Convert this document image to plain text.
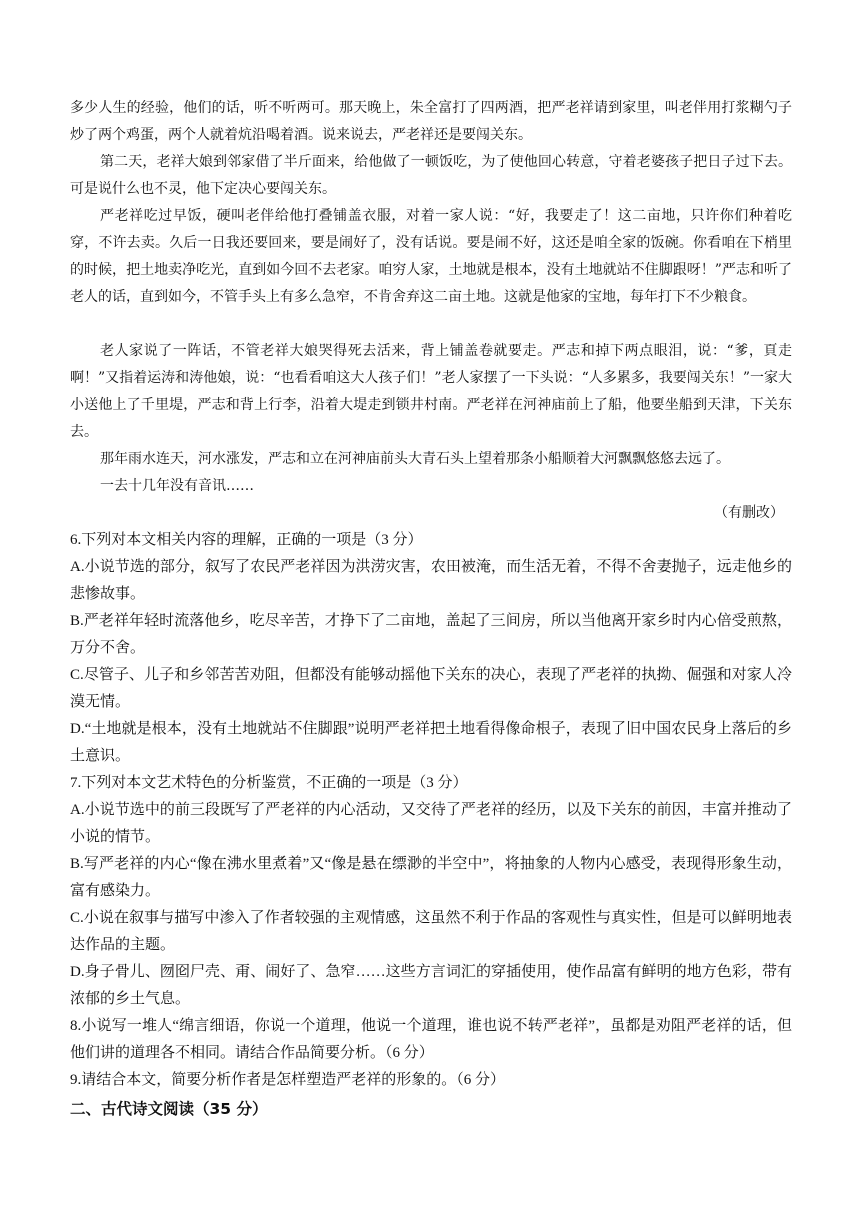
多少人生的经验，他们的话，听不听两可。那天晚上，朱全富打了四两酒，把严老祥请到家里，叫老伴用打浆糊勺子炒了两个鸡蛋，两个人就着炕沿喝着酒。说来说去，严老祥还是要闯关东。

第二天，老祥大娘到邻家借了半斤面来，给他做了一顿饭吃，为了使他回心转意，守着老婆孩子把日子过下去。可是说什么也不灵，他下定决心要闯关东。

严老祥吃过早饭，硬叫老伴给他打叠铺盖衣服，对着一家人说：“好，我要走了！这二亩地，只许你们种着吃穿，不许去卖。久后一日我还要回来，要是闹好了，没有话说。要是闹不好，这还是咱全家的饭碗。你看咱在下梢里的时候，把土地卖净吃光，直到如今回不去老家。咱穷人家，土地就是根本，没有土地就站不住脚跟呀！”严志和听了老人的话，直到如今，不管手头上有多么急窄，不肯舍弃这二亩土地。这就是他家的宝地，每年打下不少粮食。

老人家说了一阵话，不管老祥大娘哭得死去活来，背上铺盖卷就要走。严志和掉下两点眼泪，说：“爹，頁走啊！”又指着运涛和涛他娘，说：“也看看咱这大人孩子们！”老人家摆了一下头说：“人多累多，我要闯关东！”一家大小送他上了千里堤，严志和背上行李，沿着大堤走到锁井村南。严老祥在河神庙前上了船，他要坐船到天津，下关东去。

那年雨水连天，河水涨发，严志和立在河神庙前头大青石头上望着那条小船顺着大河飘飘悠悠去远了。

一去十几年没有音讯……

（有删改）

6.下列对本文相关内容的理解，正确的一项是（3 分）

A.小说节选的部分，叙写了农民严老祥因为洪涝灾害，农田被淹，而生活无着，不得不舍妻抛子，远走他乡的悲惨故事。

B.严老祥年轻时流落他乡，吃尽辛苦，才挣下了二亩地，盖起了三间房，所以当他离开家乡时内心倍受煎熬，万分不舍。

C.尽管子、儿子和乡邻苦苦劝阻，但都没有能够动摇他下关东的决心，表现了严老祥的执拗、倔强和对家人冷漠无情。

D.“土地就是根本，没有土地就站不住脚跟”说明严老祥把土地看得像命根子，表现了旧中国农民身上落后的乡土意识。

7.下列对本文艺术特色的分析鉴赏，不正确的一项是（3 分）

A.小说节选中的前三段既写了严老祥的内心活动，又交待了严老祥的经历，以及下关东的前因，丰富并推动了小说的情节。

B.写严老祥的内心“像在沸水里煮着”又“像是悬在缥渺的半空中”，将抽象的人物内心感受，表现得形象生动，富有感染力。

C.小说在叙事与描写中渗入了作者较强的主观情感，这虽然不利于作品的客观性与真实性，但是可以鲜明地表达作品的主题。

D.身子骨儿、囫囵尸壳、甭、闹好了、急窄……这些方言词汇的穿插使用，使作品富有鲜明的地方色彩，带有浓郁的乡土气息。

8.小说写一堆人“绵言细语，你说一个道理，他说一个道理，谁也说不转严老祥”，虽都是劝阻严老祥的话，但他们讲的道理各不相同。请结合作品简要分析。（6 分）

9.请结合本文，简要分析作者是怎样塑造严老祥的形象的。（6 分）

二、古代诗文阅读（35 分）
